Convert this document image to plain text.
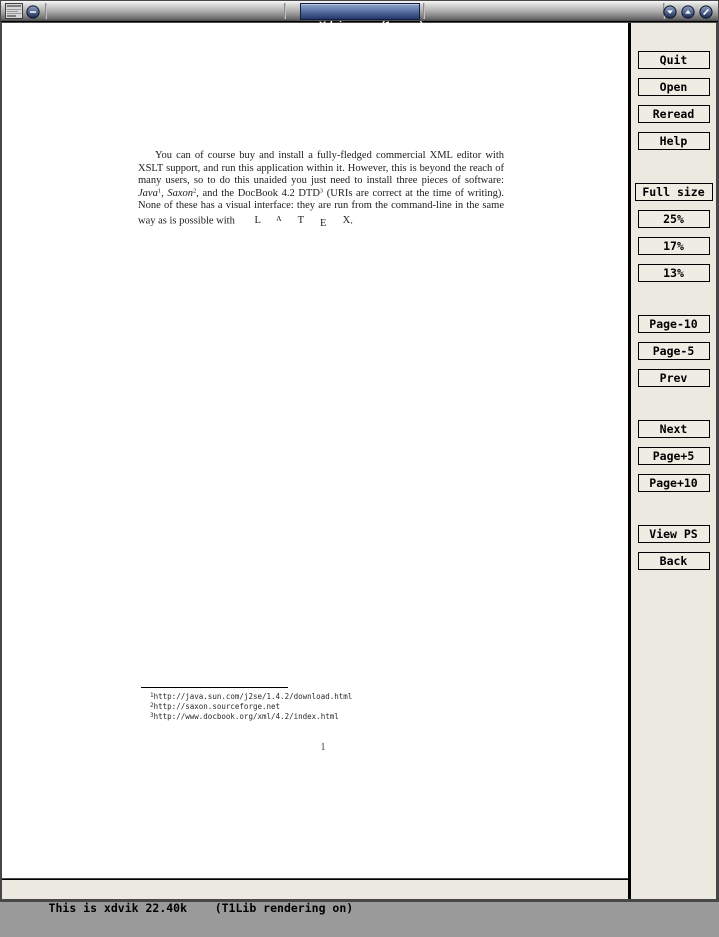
You can of course buy and install a fully-fledged commercial XML editor with XSLT support, and run this application within it. However, this is beyond the reach of many users, so to do this unaided you just need to install three pieces of software: Java$^1$, Saxon$^2$, and the DocBook 4.2 DTD$^3$ (URIs are correct at the time of writing). None of these has a visual interface: they are run from the command-line in the same way as is possible with L A T E X.

$^1$http://java.sun.com/j2se/1.4.2/download.html
$^2$http://saxon.sourceforge.net
$^3$http://www.docbook.org/xml/4.2/index.html
1

This is xdvik 22.40k    (T1Lib rendering on)

Quit
Open
Reread
Help
Full size
25%
17%
13%
Page-10
Page-5
Prev
Next
Page+5
Page+10
View PS
Back
